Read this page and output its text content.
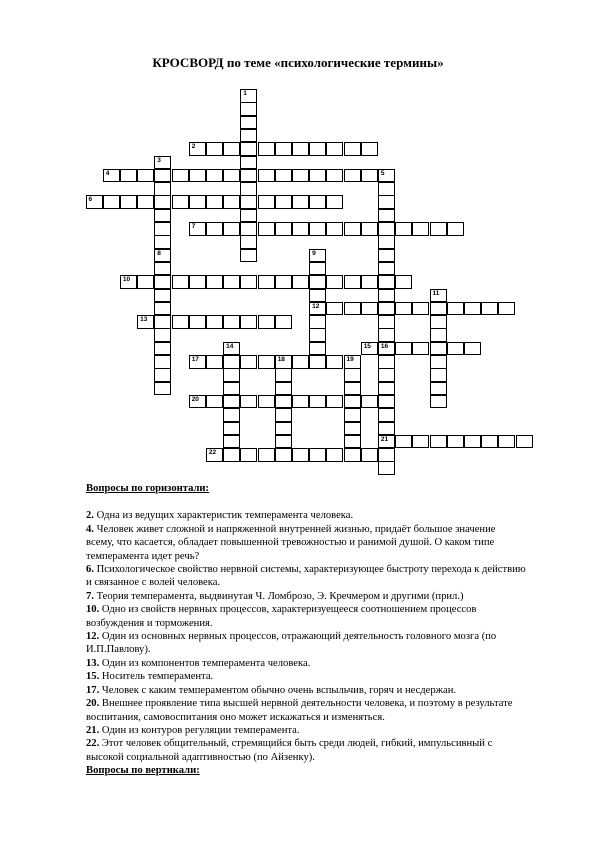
КРОСВОРД по теме «психологические термины»
2
4
6
7
10
12
13
15 16
17	18
20
21
22
1
3
8
5
9
11
14
19
Вопросы по горизонтали:
2. Одна из ведущих характеристик темперамента человека.
4. Человек живет сложной и напряженной внутренней жизнью, придаёт большое значение всему, что касается, обладает повышенной тревожностью и ранимой душой. О каком типе темперамента идет речь?
6. Психологическое свойство нервной системы, характеризующее быстроту перехода к действию и связанное с волей человека.
7. Теория темперамента, выдвинутая Ч. Ломброзо, Э. Кречмером и другими (прил.)
10. Одно из свойств нервных процессов, характеризуещееся соотношением процессов возбуждения и торможения.
12. Один из основных нервных процессов, отражающий деятельность головного мозга (по И.П.Павлову).
13. Один из компонентов темперамента человека.
15. Носитель темперамента.
17. Человек с каким темпераментом обычно очень вспыльчив, горяч и несдержан.
20. Внешнее проявление типа высшей нервной деятельности человека, и поэтому в результате воспитания, самовоспитания оно может искажаться и изменяться.
21. Один из контуров регуляции темперамента.
22. Этот человек общительный, стремящийся быть среди людей, гибкий, импульсивный с высокой социальной адаптивностью (по Айзенку).
Вопросы по вертикали:
